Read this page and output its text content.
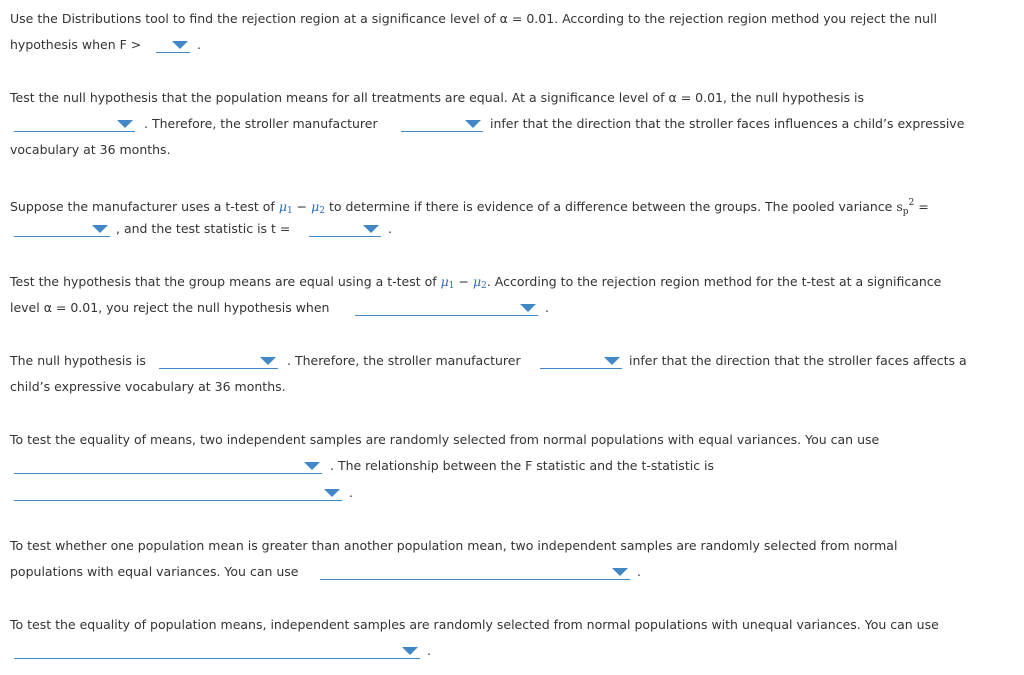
Use the Distributions tool to find the rejection region at a significance level of α = 0.01. According to the rejection region method you reject the null
hypothesis when F >	.
Test the null hypothesis that the population means for all treatments are equal. At a significance level of α = 0.01, the null hypothesis is
. Therefore, the stroller manufacturer	infer that the direction that the stroller faces influences a child’s expressive
vocabulary at 36 months.
Suppose the manufacturer uses a t-test of $\mu_1 - \mu_2$ to determine if there is evidence of a difference between the groups. The pooled variance $s_p^2$ =
, and the test statistic is t =	.
Test the hypothesis that the group means are equal using a t-test of $\mu_1 - \mu_2$. According to the rejection region method for the t-test at a significance
level α = 0.01, you reject the null hypothesis when	.
The null hypothesis is	. Therefore, the stroller manufacturer	infer that the direction that the stroller faces affects a
child’s expressive vocabulary at 36 months.
To test the equality of means, two independent samples are randomly selected from normal populations with equal variances. You can use
. The relationship between the F statistic and the t-statistic is
.
To test whether one population mean is greater than another population mean, two independent samples are randomly selected from normal
populations with equal variances. You can use	.
To test the equality of population means, independent samples are randomly selected from normal populations with unequal variances. You can use
.
